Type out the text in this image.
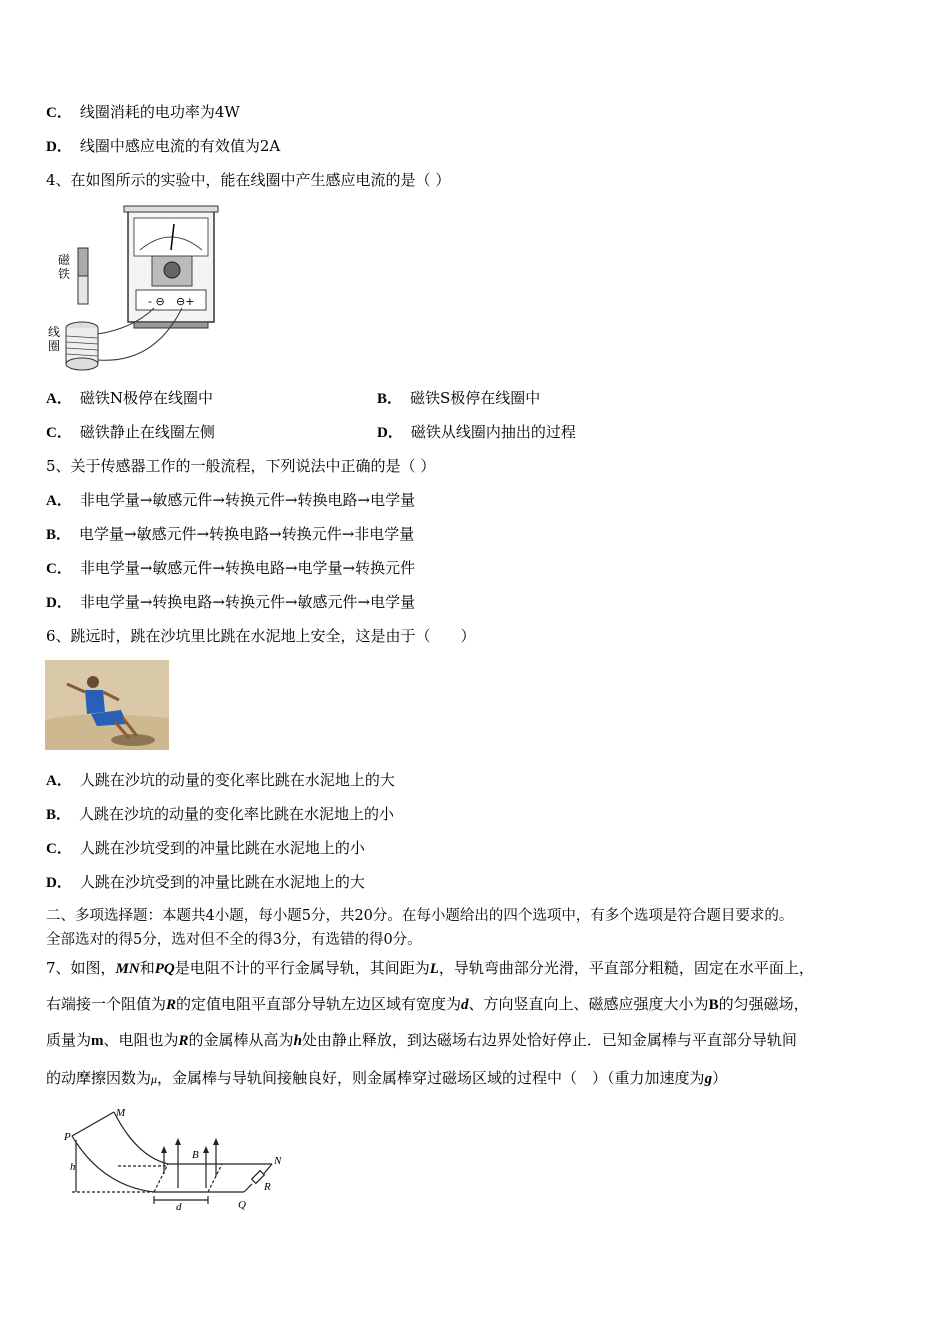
C． 线圈消耗的电功率为4W
D． 线圈中感应电流的有效值为2A
4、在如图所示的实验中，能在线圈中产生感应电流的是（ ）
- ⊖ ⊖+
磁铁
线圈
A． 磁铁N极停在线圈中	B． 磁铁S极停在线圈中
C． 磁铁静止在线圈左侧	D． 磁铁从线圈内抽出的过程
5、关于传感器工作的一般流程，下列说法中正确的是（ ）
A． 非电学量→敏感元件→转换元件→转换电路→电学量
B． 电学量→敏感元件→转换电路→转换元件→非电学量
C． 非电学量→敏感元件→转换电路→电学量→转换元件
D． 非电学量→转换电路→转换元件→敏感元件→电学量
6、跳远时，跳在沙坑里比跳在水泥地上安全，这是由于（　　）
A． 人跳在沙坑的动量的变化率比跳在水泥地上的大
B． 人跳在沙坑的动量的变化率比跳在水泥地上的小
C． 人跳在沙坑受到的冲量比跳在水泥地上的小
D． 人跳在沙坑受到的冲量比跳在水泥地上的大
二、多项选择题：本题共4小题，每小题5分，共20分。在每小题给出的四个选项中，有多个选项是符合题目要求的。
全部选对的得5分，选对但不全的得3分，有选错的得0分。
7、如图，MN和PQ是电阻不计的平行金属导轨，其间距为L，导轨弯曲部分光滑，平直部分粗糙，固定在水平面上，
右端接一个阻值为R的定值电阻平直部分导轨左边区域有宽度为d、方向竖直向上、磁感应强度大小为B的匀强磁场，
质量为m、电阻也为R的金属棒从高为h处由静止释放，到达磁场右边界处恰好停止．已知金属棒与平直部分导轨间
的动摩擦因数为μ，金属棒与导轨间接触良好，则金属棒穿过磁场区域的过程中（　）（重力加速度为g）
M
P
h
B
d
N
R
Q
